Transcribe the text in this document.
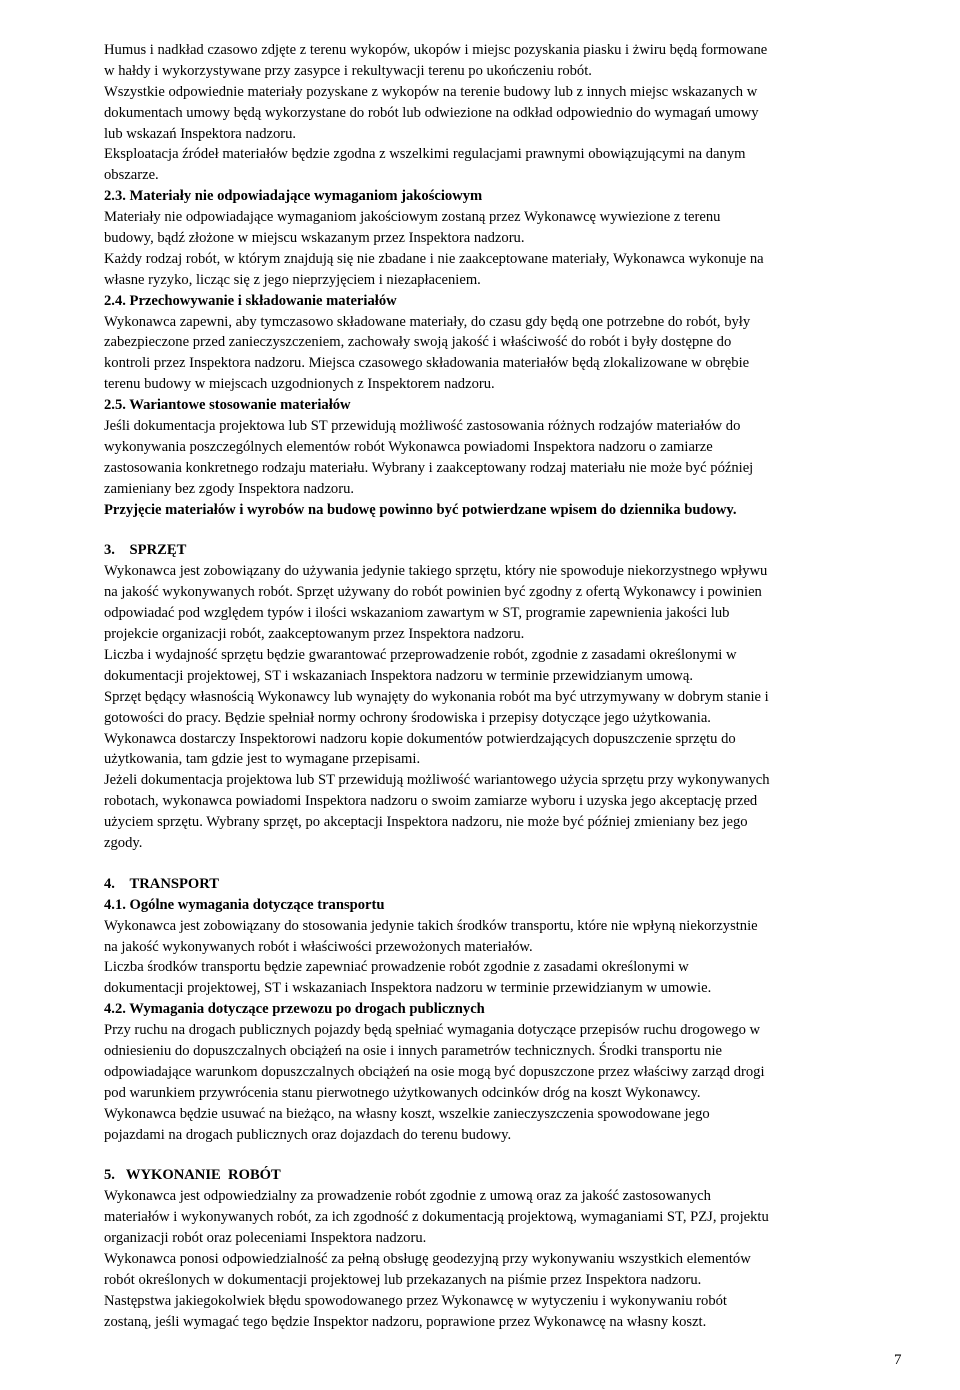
Humus i nadkład czasowo zdjęte z terenu wykopów, ukopów i miejsc pozyskania piasku i żwiru będą formowane
w hałdy i wykorzystywane przy zasypce i rekultywacji terenu po ukończeniu robót.
Wszystkie odpowiednie materiały pozyskane z wykopów na terenie budowy lub z innych miejsc wskazanych w
dokumentach umowy będą wykorzystane do robót lub odwiezione na odkład odpowiednio do wymagań umowy
lub wskazań Inspektora nadzoru.
Eksploatacja źródeł materiałów będzie zgodna z wszelkimi regulacjami prawnymi obowiązującymi na danym
obszarze.
2.3. Materiały nie odpowiadające wymaganiom jakościowym
Materiały nie odpowiadające wymaganiom jakościowym zostaną przez Wykonawcę wywiezione z terenu
budowy, bądź złożone w miejscu wskazanym przez Inspektora nadzoru.
Każdy rodzaj robót, w którym znajdują się nie zbadane i nie zaakceptowane materiały, Wykonawca wykonuje na
własne ryzyko, licząc się z jego nieprzyjęciem i niezapłaceniem.
2.4. Przechowywanie i składowanie materiałów
Wykonawca zapewni, aby tymczasowo składowane materiały, do czasu gdy będą one potrzebne do robót, były
zabezpieczone przed zanieczyszczeniem, zachowały swoją jakość i właściwość do robót i były dostępne do
kontroli przez Inspektora nadzoru. Miejsca czasowego składowania materiałów będą zlokalizowane w obrębie
terenu budowy w miejscach uzgodnionych z Inspektorem nadzoru.
2.5. Wariantowe stosowanie materiałów
Jeśli dokumentacja projektowa lub ST przewidują możliwość zastosowania różnych rodzajów materiałów do
wykonywania poszczególnych elementów robót Wykonawca powiadomi Inspektora nadzoru o zamiarze
zastosowania konkretnego rodzaju materiału. Wybrany i zaakceptowany rodzaj materiału nie może być później
zamieniany bez zgody Inspektora nadzoru.
Przyjęcie materiałów i wyrobów na budowę powinno być potwierdzane wpisem do dziennika budowy.
3.    SPRZĘT
Wykonawca jest zobowiązany do używania jedynie takiego sprzętu, który nie spowoduje niekorzystnego wpływu
na jakość wykonywanych robót. Sprzęt używany do robót powinien być zgodny z ofertą Wykonawcy i powinien
odpowiadać pod względem typów i ilości wskazaniom zawartym w ST, programie zapewnienia jakości lub
projekcie organizacji robót, zaakceptowanym przez Inspektora nadzoru.
Liczba i wydajność sprzętu będzie gwarantować przeprowadzenie robót, zgodnie z zasadami określonymi w
dokumentacji projektowej, ST i wskazaniach Inspektora nadzoru w terminie przewidzianym umową.
Sprzęt będący własnością Wykonawcy lub wynajęty do wykonania robót ma być utrzymywany w dobrym stanie i
gotowości do pracy. Będzie spełniał normy ochrony środowiska i przepisy dotyczące jego użytkowania.
Wykonawca dostarczy Inspektorowi nadzoru kopie dokumentów potwierdzających dopuszczenie sprzętu do
użytkowania, tam gdzie jest to wymagane przepisami.
Jeżeli dokumentacja projektowa lub ST przewidują możliwość wariantowego użycia sprzętu przy wykonywanych
robotach, wykonawca powiadomi Inspektora nadzoru o swoim zamiarze wyboru i uzyska jego akceptację przed
użyciem sprzętu. Wybrany sprzęt, po akceptacji Inspektora nadzoru, nie może być później zmieniany bez jego
zgody.
4.    TRANSPORT
4.1. Ogólne wymagania dotyczące transportu
Wykonawca jest zobowiązany do stosowania jedynie takich środków transportu, które nie wpłyną niekorzystnie
na jakość wykonywanych robót i właściwości przewożonych materiałów.
Liczba środków transportu będzie zapewniać prowadzenie robót zgodnie z zasadami określonymi w
dokumentacji projektowej, ST i wskazaniach Inspektora nadzoru w terminie przewidzianym w umowie.
4.2. Wymagania dotyczące przewozu po drogach publicznych
Przy ruchu na drogach publicznych pojazdy będą spełniać wymagania dotyczące przepisów ruchu drogowego w
odniesieniu do dopuszczalnych obciążeń na osie i innych parametrów technicznych. Środki transportu nie
odpowiadające warunkom dopuszczalnych obciążeń na osie mogą być dopuszczone przez właściwy zarząd drogi
pod warunkiem przywrócenia stanu pierwotnego użytkowanych odcinków dróg na koszt Wykonawcy.
Wykonawca będzie usuwać na bieżąco, na własny koszt, wszelkie zanieczyszczenia spowodowane jego
pojazdami na drogach publicznych oraz dojazdach do terenu budowy.
5.   WYKONANIE  ROBÓT
Wykonawca jest odpowiedzialny za prowadzenie robót zgodnie z umową oraz za jakość zastosowanych
materiałów i wykonywanych robót, za ich zgodność z dokumentacją projektową, wymaganiami ST, PZJ, projektu
organizacji robót oraz poleceniami Inspektora nadzoru.
Wykonawca ponosi odpowiedzialność za pełną obsługę geodezyjną przy wykonywaniu wszystkich elementów
robót określonych w dokumentacji projektowej lub przekazanych na piśmie przez Inspektora nadzoru.
Następstwa jakiegokolwiek błędu spowodowanego przez Wykonawcę w wytyczeniu i wykonywaniu robót
zostaną, jeśli wymagać tego będzie Inspektor nadzoru, poprawione przez Wykonawcę na własny koszt.
7
